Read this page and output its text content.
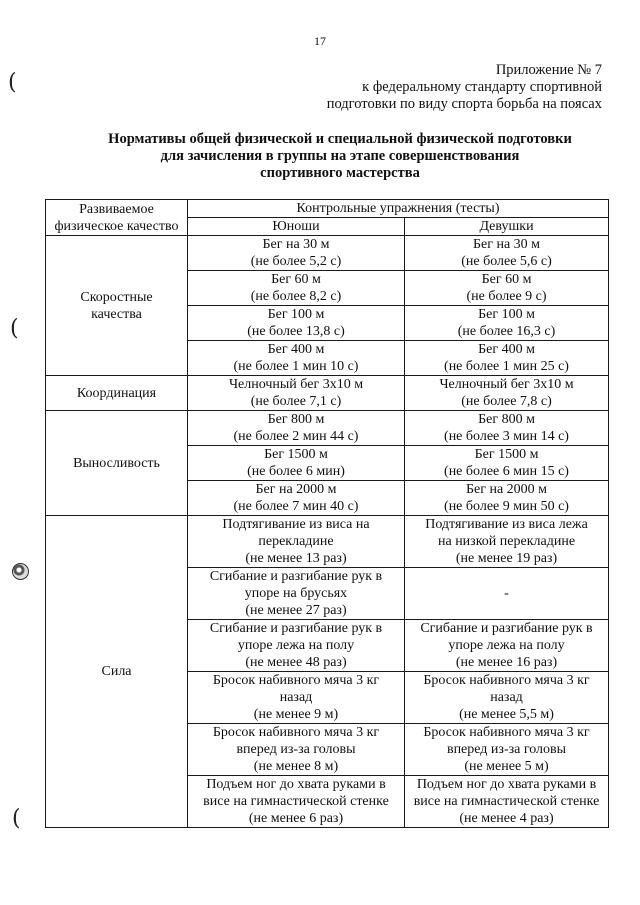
17
(
(
(
Приложение № 7
к федеральному стандарту спортивной
подготовки по виду спорта борьба на поясах
Нормативы общей физической и специальной физической подготовки
для зачисления в группы на этапе совершенствования
спортивного мастерства
Развиваемое
физическое качество	Контрольные упражнения (тесты)	
	Юноши	Девушки

Скоростные
качества	Бег на 30 м
(не более 5,2 с)	Бег на 30 м
(не более 5,6 с)

	Бег 60 м
(не более 8,2 с)	Бег 60 м
(не более 9 с)

	Бег 100 м
(не более 13,8 с)	Бег 100 м
(не более 16,3 с)

	Бег 400 м
(не более 1 мин 10 с)	Бег 400 м
(не более 1 мин 25 с)

Координация	Челночный бег 3x10 м
(не более 7,1 с)	Челночный бег 3x10 м
(не более 7,8 с)

Выносливость	Бег 800 м
(не более 2 мин 44 с)	Бег 800 м
(не более 3 мин 14 с)

	Бег 1500 м
(не более 6 мин)	Бег 1500 м
(не более 6 мин 15 с)

	Бег на 2000 м
(не более 7 мин 40 с)	Бег на 2000 м
(не более 9 мин 50 с)

Сила	Подтягивание из виса на
перекладине
(не менее 13 раз)	Подтягивание из виса лежа
на низкой перекладине
(не менее 19 раз)

	Сгибание и разгибание рук в
упоре на брусьях
(не менее 27 раз)	-

	Сгибание и разгибание рук в
упоре лежа на полу
(не менее 48 раз)	Сгибание и разгибание рук в
упоре лежа на полу
(не менее 16 раз)

	Бросок набивного мяча 3 кг
назад
(не менее 9 м)	Бросок набивного мяча 3 кг
назад
(не менее 5,5 м)

	Бросок набивного мяча 3 кг
вперед из-за головы
(не менее 8 м)	Бросок набивного мяча 3 кг
вперед из-за головы
(не менее 5 м)

	Подъем ног до хвата руками в
висе на гимнастической стенке
(не менее 6 раз)	Подъем ног до хвата руками в
висе на гимнастической стенке
(не менее 4 раз)
